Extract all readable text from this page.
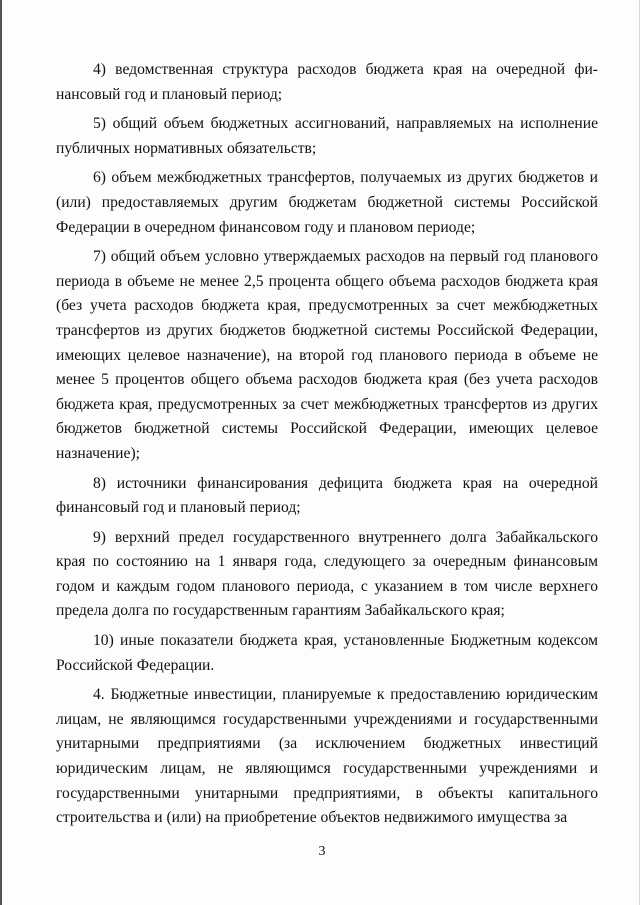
4) ведомственная структура расходов бюджета края на очередной финансовый год и плановый период;

5) общий объем бюджетных ассигнований, направляемых на исполнение публичных нормативных обязательств;

6) объем межбюджетных трансфертов, получаемых из других бюджетов и (или) предоставляемых другим бюджетам бюджетной системы Российской Федерации в очередном финансовом году и плановом периоде;

7) общий объем условно утверждаемых расходов на первый год планового периода в объеме не менее 2,5 процента общего объема расходов бюджета края (без учета расходов бюджета края, предусмотренных за счет межбюджетных трансфертов из других бюджетов бюджетной системы Российской Федерации, имеющих целевое назначение), на второй год планового периода в объеме не менее 5 процентов общего объема расходов бюджета края (без учета расходов бюджета края, предусмотренных за счет межбюджетных трансфертов из других бюджетов бюджетной системы Российской Федерации, имеющих целевое назначение);

8) источники финансирования дефицита бюджета края на очередной финансовый год и плановый период;

9) верхний предел государственного внутреннего долга Забайкальского края по состоянию на 1 января года, следующего за очередным финансовым годом и каждым годом планового периода, с указанием в том числе верхнего предела долга по государственным гарантиям Забайкальского края;

10) иные показатели бюджета края, установленные Бюджетным кодексом Российской Федерации.

4. Бюджетные инвестиции, планируемые к предоставлению юридическим лицам, не являющимся государственными учреждениями и государственными унитарными предприятиями (за исключением бюджетных инвестиций юридическим лицам, не являющимся государственными учреждениями и государственными унитарными предприятиями, в объекты капитального строительства и (или) на приобретение объектов недвижимого имущества за

3
